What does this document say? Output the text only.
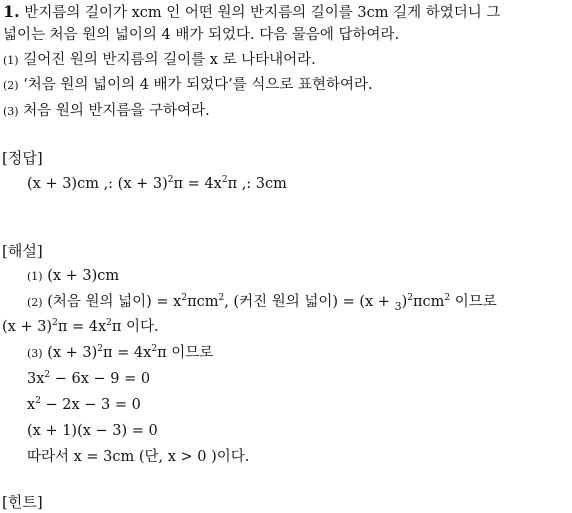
1. 반지름의 길이가 xcm 인 어떤 원의 반지름의 길이를 3cm 길게 하였더니 그
넓이는 처음 원의 넓이의 4 배가 되었다. 다음 물음에 답하여라.
(1) 길어진 원의 반지름의 길이를 x 로 나타내어라.
(2) ‘처음 원의 넓이의 4 배가 되었다’를 식으로 표현하여라.
(3) 처음 원의 반지름을 구하여라.
[정답]
(x + 3)cm ,: $(x + 3)^2\pi = 4x^2\pi$ ,: 3cm
[해설]
(1) (x + 3)cm
(2) (처음 원의 넓이) = $x^2\pi cm^2$, (커진 원의 넓이) = $(x + _3)^2\pi cm^2$ 이므로
$(x + 3)^2\pi = 4x^2\pi$ 이다.
(3) $(x + 3)^2\pi = 4x^2\pi$ 이므로
$3x^2 - 6x - 9 = 0$
$x^2 - 2x - 3 = 0$
(x + 1)(x − 3) = 0
따라서 x = 3cm (단, x > 0 )이다.
[힌트]
